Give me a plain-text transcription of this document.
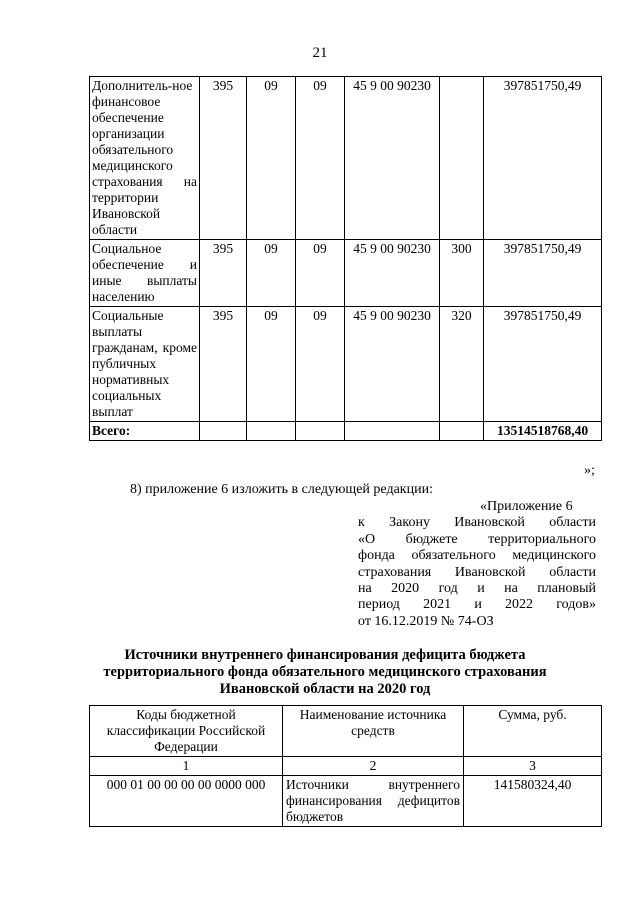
21
Дополнитель-ное финансовое обеспечение организации обязательного медицинского страхования на территории Ивановской области	395	09	09	45 9 00 90230		397851750,49
Социальное обеспечение и иные выплаты населению	395	09	09	45 9 00 90230	300	397851750,49
Социальные выплаты гражданам, кроме публичных нормативных социальных выплат	395	09	09	45 9 00 90230	320	397851750,49
Всего:						13514518768,40
»;
8) приложение 6 изложить в следующей редакции:
«Приложение 6
к Закону Ивановской области
«О бюджете территориального
фонда обязательного медицинского
страхования Ивановской области
на 2020 год и на плановый
период 2021 и 2022 годов»
от 16.12.2019 № 74-ОЗ
Источники внутреннего финансирования дефицита бюджета
территориального фонда обязательного медицинского страхования
Ивановской области на 2020 год
Коды бюджетной классификации Российской Федерации	Наименование источника средств	Сумма, руб.
1	2	3
000 01 00 00 00 00 0000 000	Источники внутреннего финансирования дефицитов бюджетов	141580324,40
